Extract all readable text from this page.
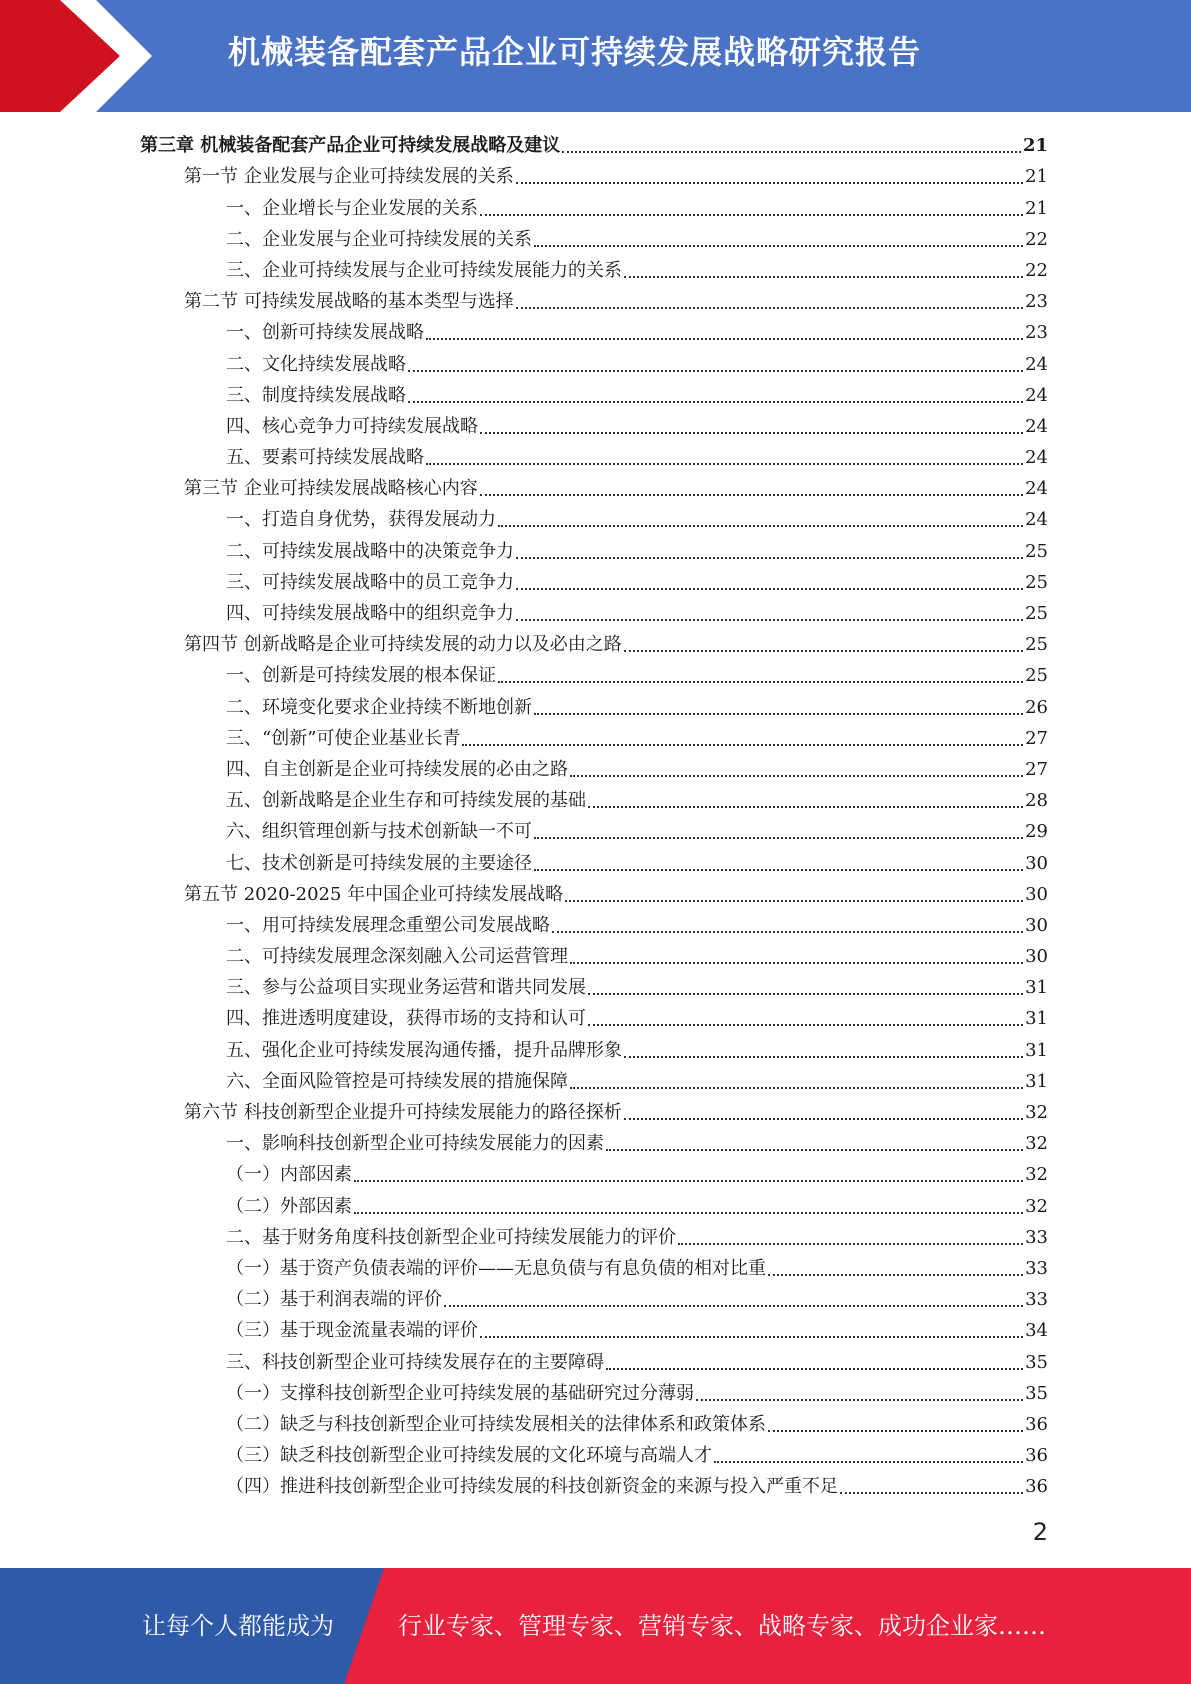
机械装备配套产品企业可持续发展战略研究报告
第三章 机械装备配套产品企业可持续发展战略及建议	21
第一节 企业发展与企业可持续发展的关系	21
一、企业增长与企业发展的关系	21
二、企业发展与企业可持续发展的关系	22
三、企业可持续发展与企业可持续发展能力的关系	22
第二节 可持续发展战略的基本类型与选择	23
一、创新可持续发展战略	23
二、文化持续发展战略	24
三、制度持续发展战略	24
四、核心竞争力可持续发展战略	24
五、要素可持续发展战略	24
第三节 企业可持续发展战略核心内容	24
一、打造自身优势，获得发展动力	24
二、可持续发展战略中的决策竞争力	25
三、可持续发展战略中的员工竞争力	25
四、可持续发展战略中的组织竞争力	25
第四节 创新战略是企业可持续发展的动力以及必由之路	25
一、创新是可持续发展的根本保证	25
二、环境变化要求企业持续不断地创新	26
三、“创新”可使企业基业长青	27
四、自主创新是企业可持续发展的必由之路	27
五、创新战略是企业生存和可持续发展的基础	28
六、组织管理创新与技术创新缺一不可	29
七、技术创新是可持续发展的主要途径	30
第五节 2020-2025 年中国企业可持续发展战略	30
一、用可持续发展理念重塑公司发展战略	30
二、可持续发展理念深刻融入公司运营管理	30
三、参与公益项目实现业务运营和谐共同发展	31
四、推进透明度建设，获得市场的支持和认可	31
五、强化企业可持续发展沟通传播，提升品牌形象	31
六、全面风险管控是可持续发展的措施保障	31
第六节 科技创新型企业提升可持续发展能力的路径探析	32
一、影响科技创新型企业可持续发展能力的因素	32
（一）内部因素	32
（二）外部因素	32
二、基于财务角度科技创新型企业可持续发展能力的评价	33
（一）基于资产负债表端的评价——无息负债与有息负债的相对比重	33
（二）基于利润表端的评价	33
（三）基于现金流量表端的评价	34
三、科技创新型企业可持续发展存在的主要障碍	35
（一）支撑科技创新型企业可持续发展的基础研究过分薄弱	35
（二）缺乏与科技创新型企业可持续发展相关的法律体系和政策体系	36
（三）缺乏科技创新型企业可持续发展的文化环境与高端人才	36
（四）推进科技创新型企业可持续发展的科技创新资金的来源与投入严重不足	36
2
让每个人都能成为	行业专家、管理专家、营销专家、战略专家、成功企业家……
